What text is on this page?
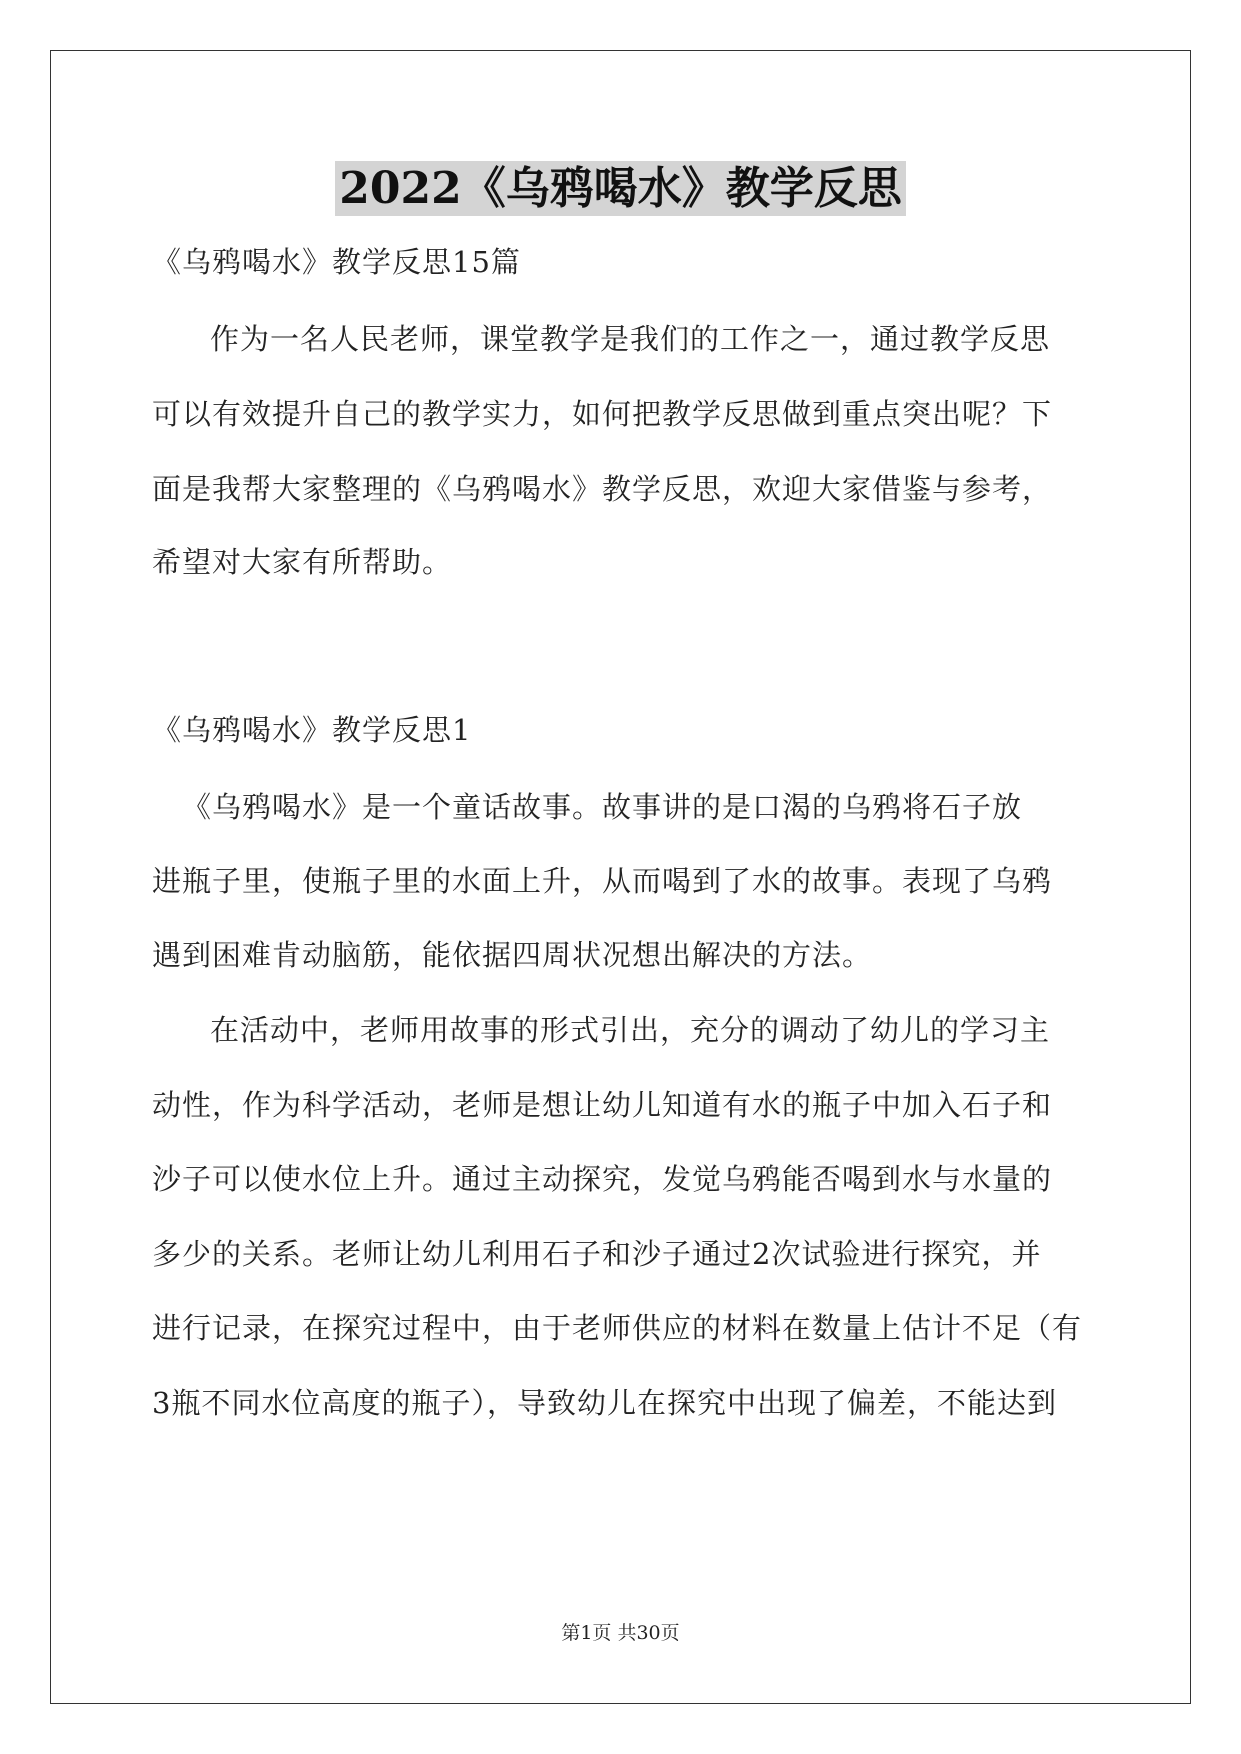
2022《乌鸦喝水》教学反思
《乌鸦喝水》教学反思15篇
作为一名人民老师，课堂教学是我们的工作之一，通过教学反思
可以有效提升自己的教学实力，如何把教学反思做到重点突出呢？下
面是我帮大家整理的《乌鸦喝水》教学反思，欢迎大家借鉴与参考，
希望对大家有所帮助。
《乌鸦喝水》教学反思1
《乌鸦喝水》是一个童话故事。故事讲的是口渴的乌鸦将石子放
进瓶子里，使瓶子里的水面上升，从而喝到了水的故事。表现了乌鸦
遇到困难肯动脑筋，能依据四周状况想出解决的方法。
在活动中，老师用故事的形式引出，充分的调动了幼儿的学习主
动性，作为科学活动，老师是想让幼儿知道有水的瓶子中加入石子和
沙子可以使水位上升。通过主动探究，发觉乌鸦能否喝到水与水量的
多少的关系。老师让幼儿利用石子和沙子通过2次试验进行探究，并
进行记录，在探究过程中，由于老师供应的材料在数量上估计不足（有
3瓶不同水位高度的瓶子），导致幼儿在探究中出现了偏差，不能达到
第1页 共30页
